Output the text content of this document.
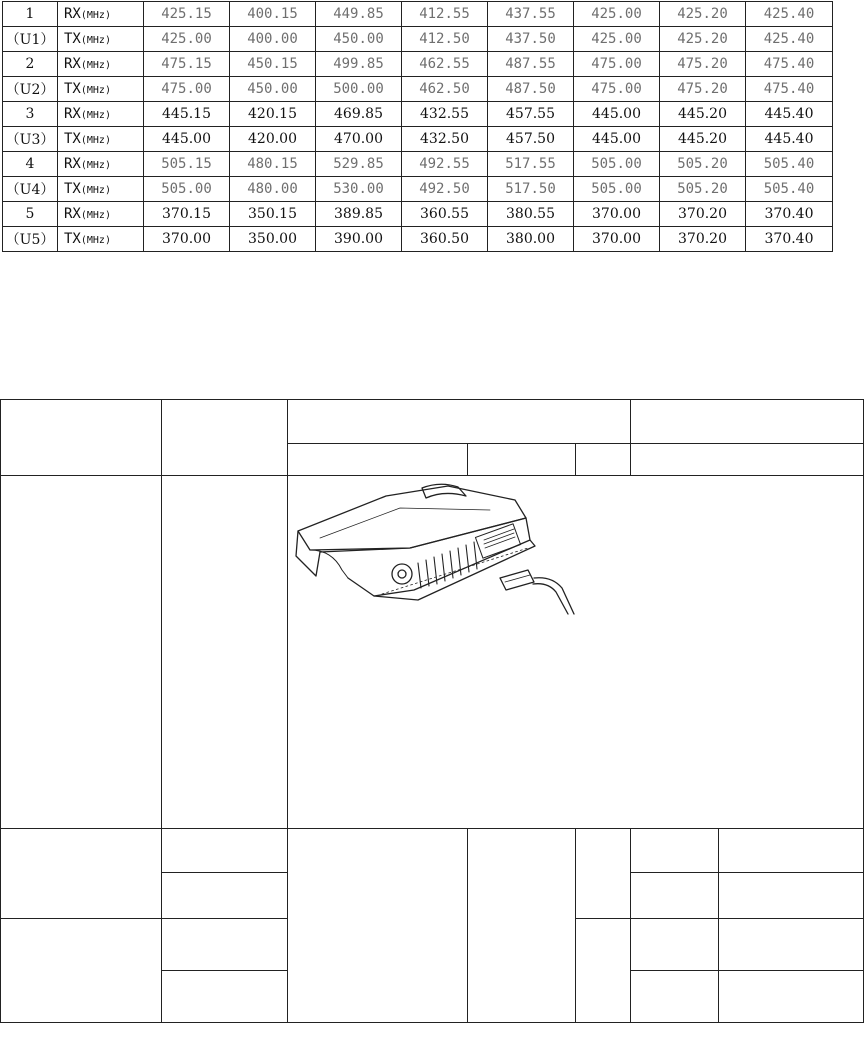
1	RX(MHz)	425.15	400.15	449.85	412.55	437.55	425.00	425.20	425.40
（U1）	TX(MHz)	425.00	400.00	450.00	412.50	437.50	425.00	425.20	425.40
2	RX(MHz)	475.15	450.15	499.85	462.55	487.55	475.00	475.20	475.40
（U2）	TX(MHz)	475.00	450.00	500.00	462.50	487.50	475.00	475.20	475.40
3	RX(MHz)	445.15	420.15	469.85	432.55	457.55	445.00	445.20	445.40
（U3）	TX(MHz)	445.00	420.00	470.00	432.50	457.50	445.00	445.20	445.40
4	RX(MHz)	505.15	480.15	529.85	492.55	517.55	505.00	505.20	505.40
（U4）	TX(MHz)	505.00	480.00	530.00	492.50	517.50	505.00	505.20	505.40
5	RX(MHz)	370.15	350.15	389.85	360.55	380.55	370.00	370.20	370.40
（U5）	TX(MHz)	370.00	350.00	390.00	360.50	380.00	370.00	370.20	370.40
